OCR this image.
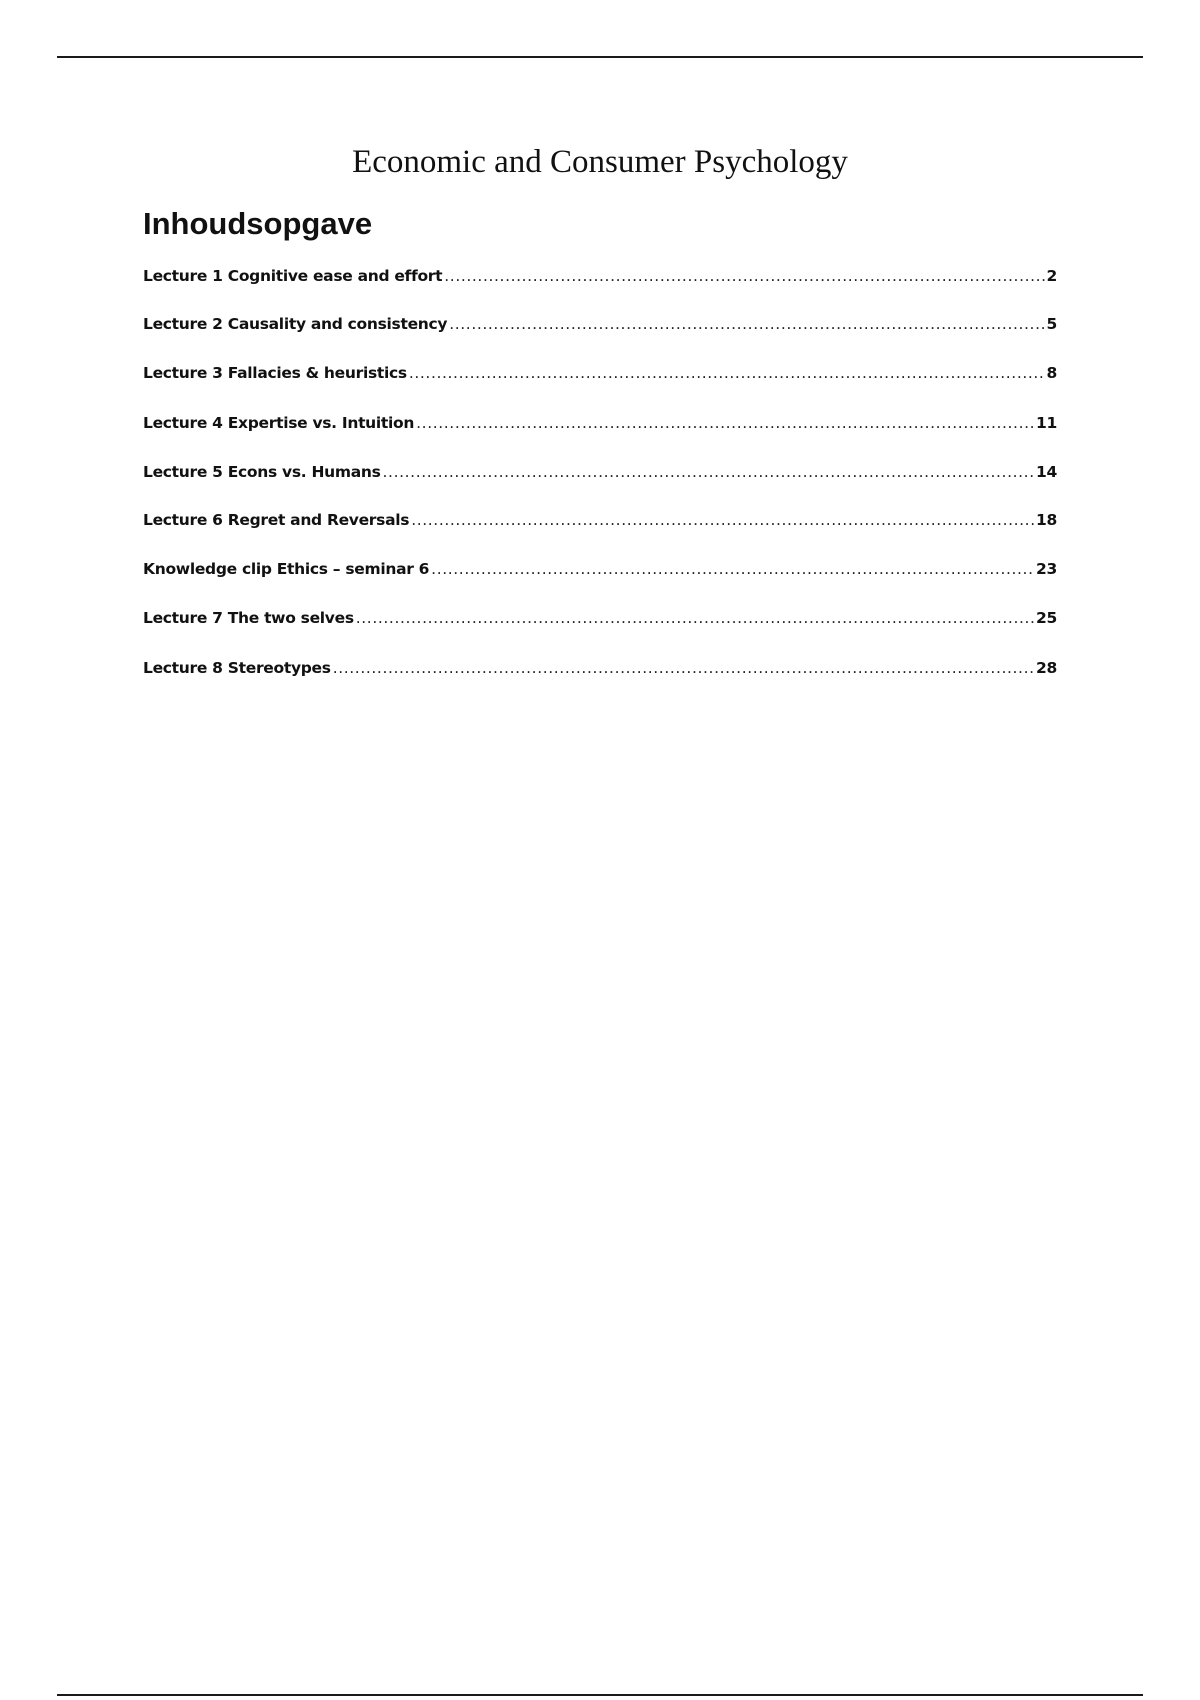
Economic and Consumer Psychology
Inhoudsopgave
Lecture 1 Cognitive ease and effort .....	2
Lecture 2 Causality and consistency .....	5
Lecture 3 Fallacies & heuristics .....	8
Lecture 4 Expertise vs. Intuition .....	11
Lecture 5 Econs vs. Humans .....	14
Lecture 6 Regret and Reversals .....	18
Knowledge clip Ethics – seminar 6 .....	23
Lecture 7 The two selves .....	25
Lecture 8 Stereotypes .....	28
